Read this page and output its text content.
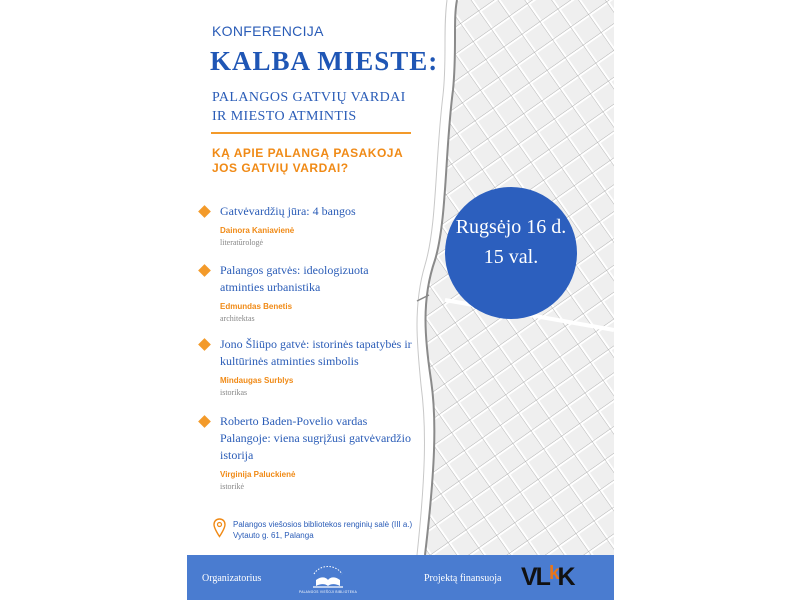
KONFERENCIJA
KALBA MIESTE:
PALANGOS GATVIŲ VARDAI IR MIESTO ATMINTIS
KĄ APIE PALANGĄ PASAKOJA JOS GATVIŲ VARDAI?
Rugsėjo 16 d.
15 val.
Gatvėvardžių jūra: 4 bangos
Dainora Kaniavienė
literatūrologė
Palangos gatvės: ideologizuota atminties urbanistika
Edmundas Benetis
architektas
Jono Šliūpo gatvė: istorinės tapatybės ir kultūrinės atminties simbolis
Mindaugas Surblys
istorikas
Roberto Baden-Povelio vardas Palangoje: viena sugrįžusi gatvėvardžio istorija
Virginija Paluckienė
istorikė
Palangos viešosios bibliotekos renginių salė (III a.)
Vytauto g. 61, Palanga
Organizatorius
PALANGOS VIEŠOJI BIBLIOTEKA
Projektą finansuoja $VL^kK$
